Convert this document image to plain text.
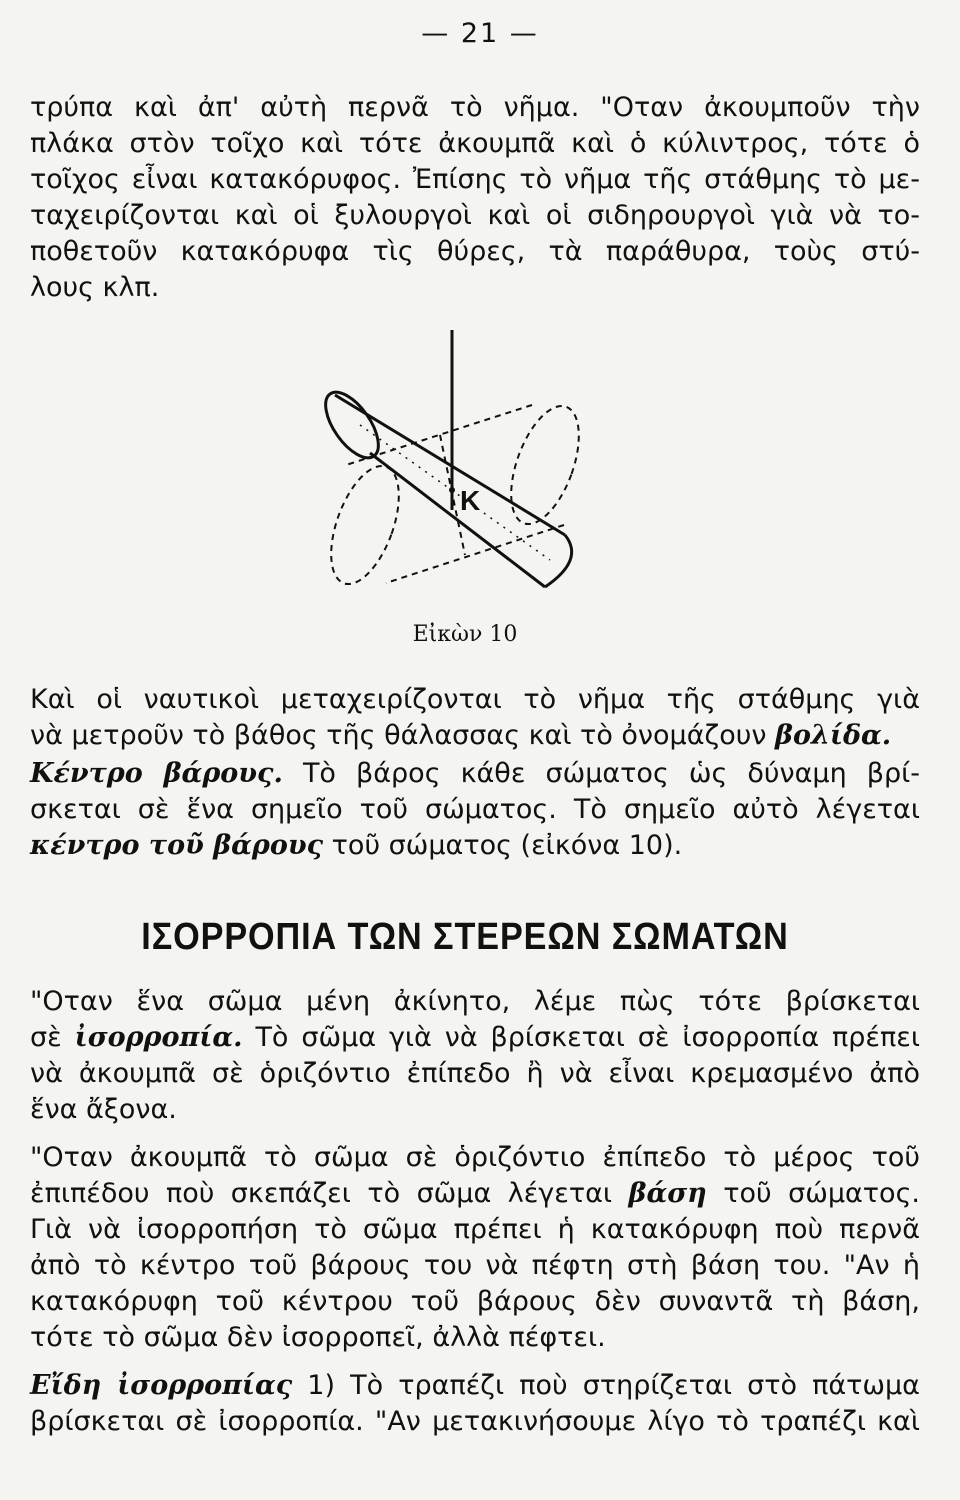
— 21 —
τρύπα καὶ ἀπ' αὐτὴ περνᾶ τὸ νῆμα. "Οταν ἀκουμποῦν τὴν
πλάκα στὸν τοῖχο καὶ τότε ἀκουμπᾶ καὶ ὁ κύλιντρος, τότε ὁ
τοῖχος εἶναι κατακόρυφος. Ἐπίσης τὸ νῆμα τῆς στάθμης τὸ με-
ταχειρίζονται καὶ οἱ ξυλουργοὶ καὶ οἱ σιδηρουργοὶ γιὰ νὰ το-
ποθετοῦν κατακόρυφα τὶς θύρες, τὰ παράθυρα, τοὺς στύ-
λους κλπ.
K
Εἰκὼν 10
Καὶ οἱ ναυτικοὶ μεταχειρίζονται τὸ νῆμα τῆς στάθμης γιὰ
νὰ μετροῦν τὸ βάθος τῆς θάλασσας καὶ τὸ ὀνομάζουν βολίδα.
Κέντρο βάρους. Τὸ βάρος κάθε σώματος ὡς δύναμη βρί-
σκεται σὲ ἕνα σημεῖο τοῦ σώματος. Τὸ σημεῖο αὐτὸ λέγεται
κέντρο τοῦ βάρους τοῦ σώματος (εἰκόνα 10).
ΙΣΟΡΡΟΠΙΑ ΤΩΝ ΣΤΕΡΕΩΝ ΣΩΜΑΤΩΝ
"Οταν ἕνα σῶμα μένη ἀκίνητο, λέμε πὼς τότε βρίσκεται
σὲ ἰσορροπία. Τὸ σῶμα γιὰ νὰ βρίσκεται σὲ ἰσορροπία πρέπει
νὰ ἀκουμπᾶ σὲ ὁριζόντιο ἐπίπεδο ἢ νὰ εἶναι κρεμασμένο ἀπὸ
ἕνα ἄξονα.
"Οταν ἀκουμπᾶ τὸ σῶμα σὲ ὁριζόντιο ἐπίπεδο τὸ μέρος τοῦ
ἐπιπέδου ποὺ σκεπάζει τὸ σῶμα λέγεται βάση τοῦ σώματος.
Γιὰ νὰ ἰσορροπήση τὸ σῶμα πρέπει ἡ κατακόρυφη ποὺ περνᾶ
ἀπὸ τὸ κέντρο τοῦ βάρους του νὰ πέφτη στὴ βάση του. "Αν ἡ
κατακόρυφη τοῦ κέντρου τοῦ βάρους δὲν συναντᾶ τὴ βάση,
τότε τὸ σῶμα δὲν ἰσορροπεῖ, ἀλλὰ πέφτει.
Εἴδη ἰσορροπίας 1) Τὸ τραπέζι ποὺ στηρίζεται στὸ πάτωμα
βρίσκεται σὲ ἰσορροπία. "Αν μετακινήσουμε λίγο τὸ τραπέζι καὶ
